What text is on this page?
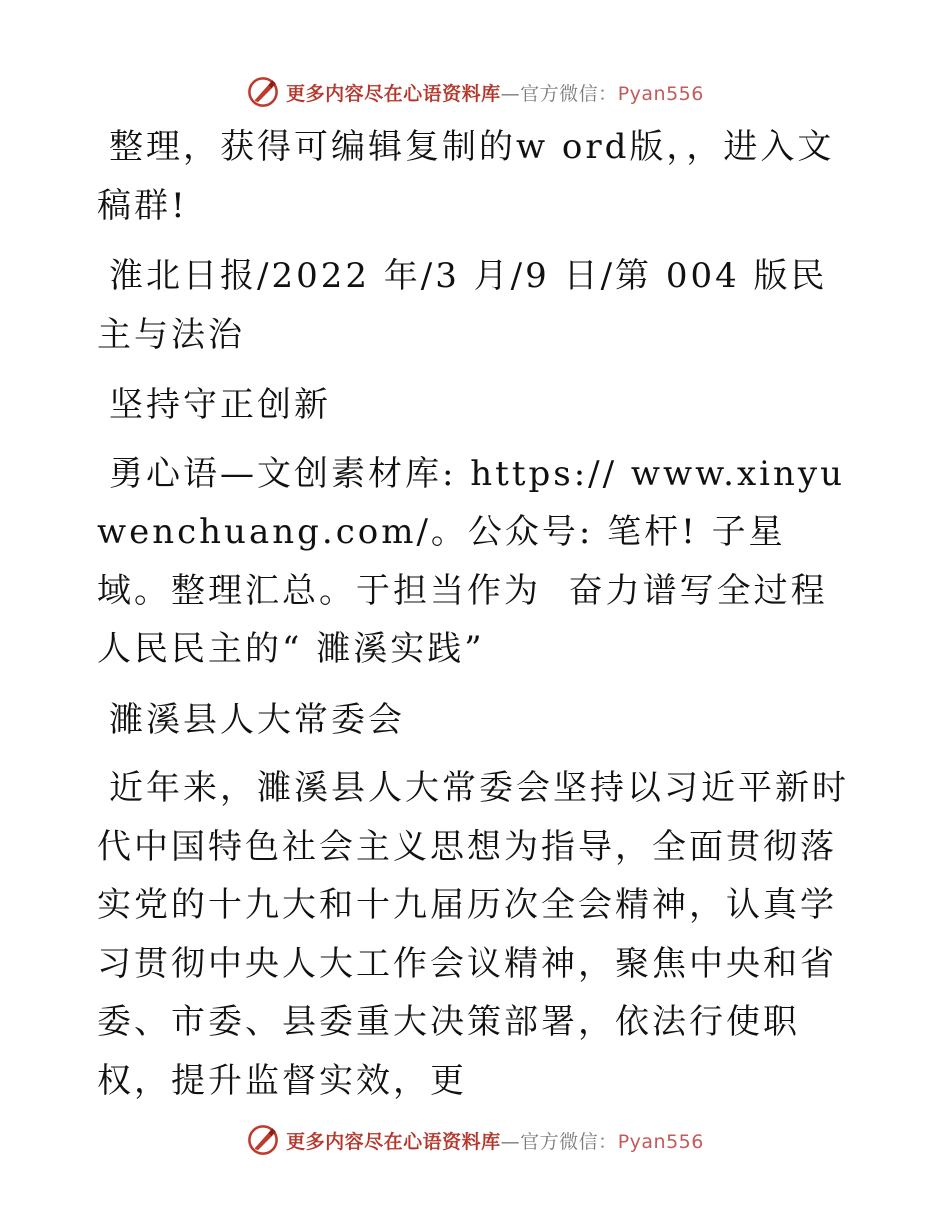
更多内容尽在心语资料库—官方微信：Pyan556

整理，获得可编辑复制的w ord版，，进入文稿群!

淮北日报/2022 年/3 月/9 日/第 004 版民主与法治

坚持守正创新

勇心语—文创素材库: https:// www.xinyuwenchuang.com/。公众号: 笔杆! 子星域。整理汇总。于担当作为  奋力谱写全过程人民民主的“ 濉溪实践”

濉溪县人大常委会

近年来，濉溪县人大常委会坚持以习近平新时代中国特色社会主义思想为指导，全面贯彻落实党的十九大和十九届历次全会精神，认真学习贯彻中央人大工作会议精神，聚焦中央和省委、市委、县委重大决策部署，依法行使职权，提升监督实效，更

更多内容尽在心语资料库—官方微信：Pyan556
